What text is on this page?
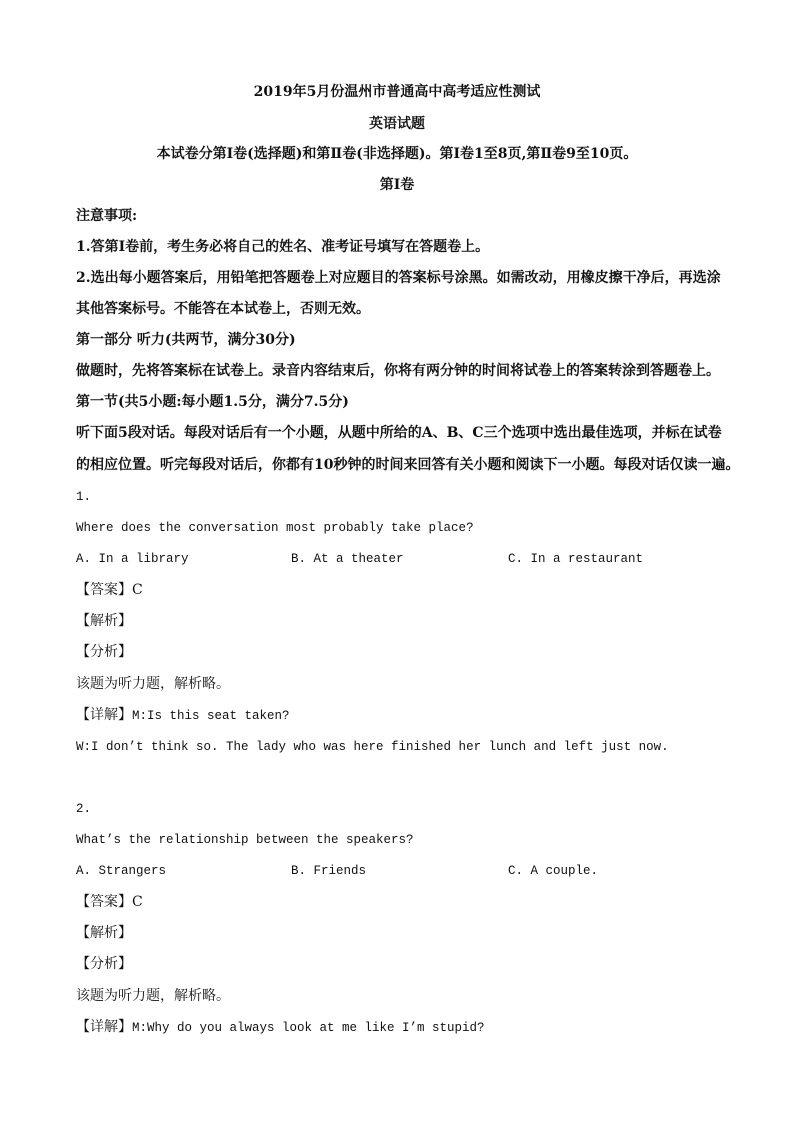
2019年5月份温州市普通高中高考适应性测试
英语试题
本试卷分第Ⅰ卷(选择题)和第Ⅱ卷(非选择题)。第Ⅰ卷1至8页,第Ⅱ卷9至10页。
第Ⅰ卷
注意事项:
1.答第Ⅰ卷前，考生务必将自己的姓名、准考证号填写在答题卷上。
2.选出每小题答案后，用铅笔把答题卷上对应题目的答案标号涂黑。如需改动，用橡皮擦干净后，再选涂
其他答案标号。不能答在本试卷上，否则无效。
第一部分 听力(共两节，满分30分)
做题时，先将答案标在试卷上。录音内容结束后，你将有两分钟的时间将试卷上的答案转涂到答题卷上。
第一节(共5小题:每小题1.5分，满分7.5分)
听下面5段对话。每段对话后有一个小题，从题中所给的A、B、C三个选项中选出最佳选项，并标在试卷
的相应位置。听完每段对话后，你都有10秒钟的时间来回答有关小题和阅读下一小题。每段对话仅读一遍。
1.
Where does the conversation most probably take place?
A. In a library	B. At a theater	C. In a restaurant
【答案】C
【解析】
【分析】
该题为听力题，解析略。
【详解】M:Is this seat taken?
W:I don’t think so. The lady who was here finished her lunch and left just now.
2.
What’s the relationship between the speakers?
A. Strangers	B. Friends	C. A couple.
【答案】C
【解析】
【分析】
该题为听力题，解析略。
【详解】M:Why do you always look at me like I’m stupid?
